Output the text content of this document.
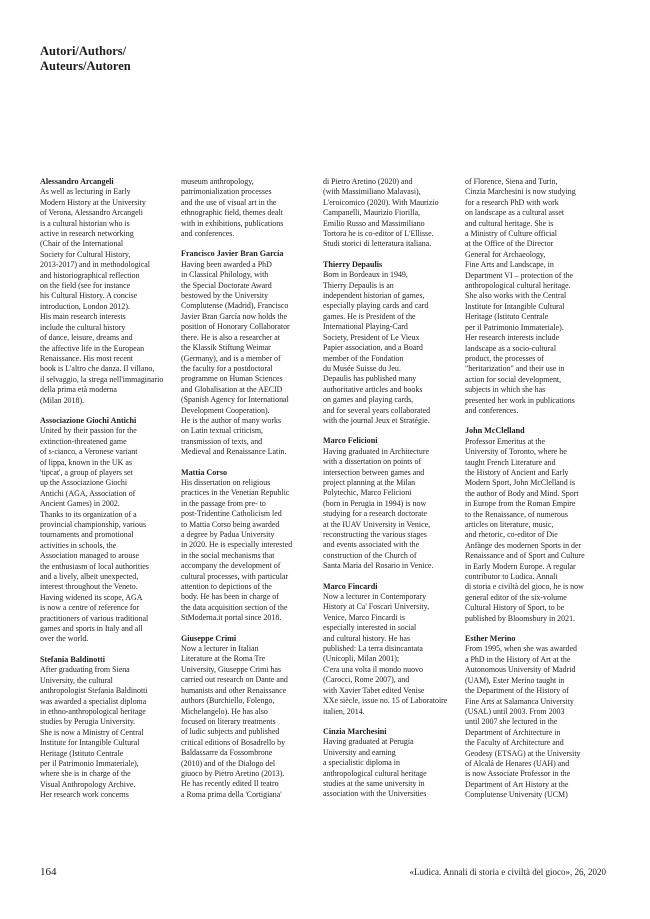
Autori/Authors/
Auteurs/Autoren
Alessandro Arcangeli
As well as lecturing in Early
Modern History at the University
of Verona, Alessandro Arcangeli
is a cultural historian who is
active in research networking
(Chair of the International
Society for Cultural History,
2013-2017) and in methodological
and historiographical reflection
on the field (see for instance
his Cultural History. A concise
introduction, London 2012).
His main research interests
include the cultural history
of dance, leisure, dreams and
the affective life in the European
Renaissance. His most recent
book is L'altro che danza. Il villano,
il selvaggio, la strega nell'immaginario
della prima età moderna
(Milan 2018).
Associazione Giochi Antichi
United by their passion for the
extinction-threatened game
of s-cianco, a Veronese variant
of lippa, known in the UK as
'tipcat', a group of players set
up the Associazione Giochi
Antichi (AGA, Association of
Ancient Games) in 2002.
Thanks to its organization of a
provincial championship, various
tournaments and promotional
activities in schools, the
Association managed to arouse
the enthusiasm of local authorities
and a lively, albeit unexpected,
interest throughout the Veneto.
Having widened its scope, AGA
is now a centre of reference for
practitioners of various traditional
games and sports in Italy and all
over the world.
Stefania Baldinotti
After graduating from Siena
University, the cultural
anthropologist Stefania Baldinotti
was awarded a specialist diploma
in ethno-anthropological heritage
studies by Perugia University.
She is now a Ministry of Central
Institute for Intangible Cultural
Heritage (Istituto Centrale
per il Patrimonio Immateriale),
where she is in charge of the
Visual Anthropology Archive.
Her research work concerns
museum anthropology,
patrimonialization processes
and the use of visual art in the
ethnographic field, themes dealt
with in exhibitions, publications
and conferences.
Francisco Javier Bran García
Having been awarded a PhD
in Classical Philology, with
the Special Doctorate Award
bestowed by the University
Complutense (Madrid), Francisco
Javier Bran García now holds the
position of Honorary Collaborator
there. He is also a researcher at
the Klassik Stiftung Weimar
(Germany), and is a member of
the faculty for a postdoctoral
programme on Human Sciences
and Globalisation at the AECID
(Spanish Agency for International
Development Cooperation).
He is the author of many works
on Latin textual criticism,
transmission of texts, and
Medieval and Renaissance Latin.
Mattia Corso
His dissertation on religious
practices in the Venetian Republic
in the passage from pre- to
post-Tridentine Catholicism led
to Mattia Corso being awarded
a degree by Padua University
in 2020. He is especially interested
in the social mechanisms that
accompany the development of
cultural processes, with particular
attention to depictions of the
body. He has been in charge of
the data acquisition section of the
StModerna.it portal since 2018.
Giuseppe Crimi
Now a lecturer in Italian
Literature at the Roma Tre
University, Giuseppe Crimi has
carried out research on Dante and
humanists and other Renaissance
authors (Burchiello, Folengo,
Michelangelo). He has also
focused on literary treatments
of ludic subjects and published
critical editions of Bosadrello by
Baldassarre da Fossombrone
(2010) and of the Dialogo del
giuoco by Pietro Aretino (2013).
He has recently edited Il teatro
a Roma prima della 'Cortigiana'
di Pietro Aretino (2020) and
(with Massimiliano Malavasi),
L'eroicomico (2020). With Maurizio
Campanelli, Maurizio Fiorilla,
Emilio Russo and Massimiliano
Tortora he is co-editor of L'Ellisse.
Studi storici di letteratura italiana.
Thierry Depaulis
Born in Bordeaux in 1949,
Thierry Depaulis is an
independent historian of games,
especially playing cards and card
games. He is President of the
International Playing-Card
Society, President of Le Vieux
Papier association, and a Board
member of the Fondation
du Musée Suisse du Jeu.
Depaulis has published many
authoritative articles and books
on games and playing cards,
and for several years collaborated
with the journal Jeux et Stratégie.
Marco Felicioni
Having graduated in Architecture
with a dissertation on points of
intersection between games and
project planning at the Milan
Polytechic, Marco Felicioni
(born in Perugia in 1994) is now
studying for a research doctorate
at the IUAV University in Venice,
reconstructing the various stages
and events associated with the
construction of the Church of
Santa Maria del Rosario in Venice.
Marco Fincardi
Now a lecturer in Contemporary
History at Ca' Foscari University,
Venice, Marco Fincardi is
especially interested in social
and cultural history. He has
published: La terra disincantata
(Unicopli, Milan 2001);
C'era una volta il mondo nuovo
(Carocci, Rome 2007), and
with Xavier Tabet edited Venise
XXe siècle, issue no. 15 of Laboratoire
italien, 2014.
Cinzia Marchesini
Having graduated at Perugia
University and earning
a specialistic diploma in
anthropological cultural heritage
studies at the same university in
association with the Universities
of Florence, Siena and Turin,
Cinzia Marchesini is now studying
for a research PhD with work
on landscape as a cultural asset
and cultural heritage. She is
a Ministry of Culture official
at the Office of the Director
General for Archaeology,
Fine Arts and Landscape, in
Department VI – protection of the
anthropological cultural heritage.
She also works with the Central
Institute for Intangible Cultural
Heritage (Istituto Centrale
per il Patrimonio Immateriale).
Her research interests include
landscape as a socio-cultural
product, the processes of
"heritarization" and their use in
action for social development,
subjects in which she has
presented her work in publications
and conferences.
John McClelland
Professor Emeritus at the
University of Toronto, where he
taught French Literature and
the History of Ancient and Early
Modern Sport, John McClelland is
the author of Body and Mind. Sport
in Europe from the Roman Empire
to the Renaissance, of numerous
articles on literature, music,
and rhetoric, co-editor of Die
Anfänge des modernen Sports in der
Renaissance and of Sport and Culture
in Early Modern Europe. A regular
contributor to Ludica. Annali
di storia e civiltà del gioco, he is now
general editor of the six-volume
Cultural History of Sport, to be
published by Bloomsbury in 2021.
Esther Merino
From 1995, when she was awarded
a PhD in the History of Art at the
Autonomous University of Madrid
(UAM), Ester Merino taught in
the Department of the History of
Fine Arts at Salamanca University
(USAL) until 2003. From 2003
until 2007 she lectured in the
Department of Architecture in
the Faculty of Architecture and
Geodesy (ETSAG) at the University
of Alcalá de Henares (UAH) and
is now Associate Professor in the
Department of Art History at the
Complutense University (UCM)
164	«Ludica. Annali di storia e civiltà del gioco», 26, 2020
